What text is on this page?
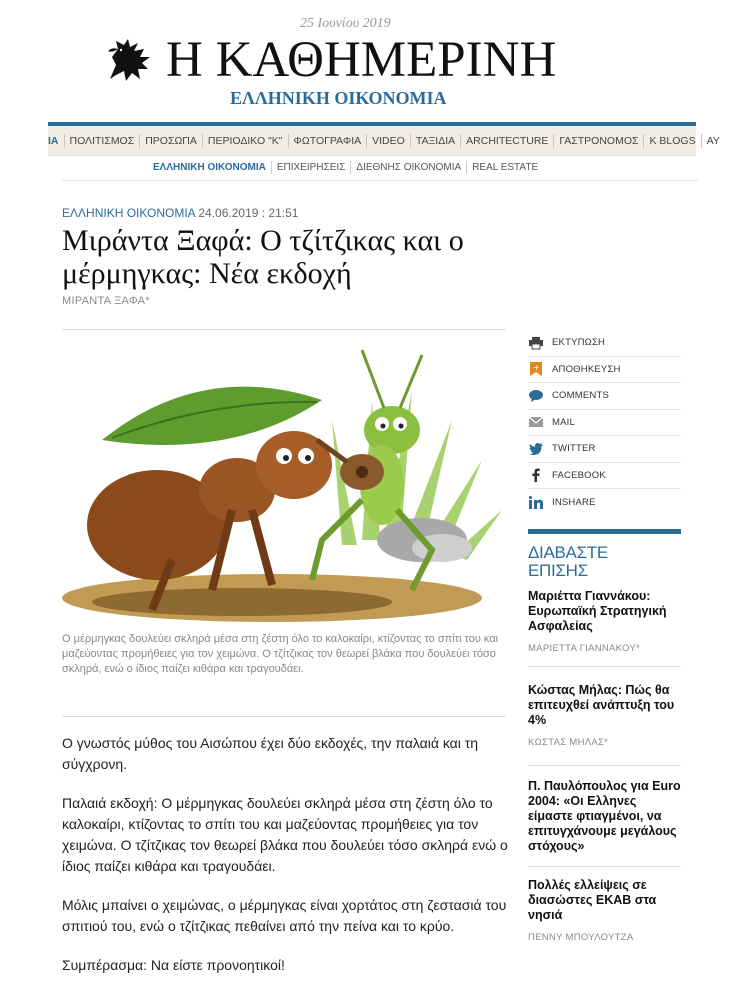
25 Ιουνίου 2019
Η ΚΑΘΗΜΕΡΙΝΗ
ΕΛΛΗΝΙΚΗ ΟΙΚΟΝΟΜΙΑ
ΙΑ	ΠΟΛΙΤΙΣΜΟΣ	ΠΡΟΣΩΠΑ	ΠΕΡΙΟΔΙΚΟ "K"	ΦΩΤΟΓΡΑΦΙΑ	VIDEO	ΤΑΞΙΔΙΑ	ARCHITECTURE	ΓΑΣΤΡΟΝΟΜΟΣ	K BLOGS	ΑΥ
ΕΛΛΗΝΙΚΗ ΟΙΚΟΝΟΜΙΑ	ΕΠΙΧΕΙΡΗΣΕΙΣ	ΔΙΕΘΝΗΣ ΟΙΚΟΝΟΜΙΑ	REAL ESTATE
ΕΛΛΗΝΙΚΗ ΟΙΚΟΝΟΜΙΑ 24.06.2019 : 21:51
Μιράντα Ξαφά: Ο τζίτζικας και ο μέρμηγκας: Νέα εκδοχή
ΜΙΡΑΝΤΑ ΞΑΦΑ*
Ο μέρμηγκας δουλεύει σκληρά μέσα στη ζέστη όλο το καλοκαίρι, κτίζοντας το σπίτι του και μαζεύοντας προμήθειες για τον χειμώνα. Ο τζίτζικας τον θεωρεί βλάκα που δουλεύει τόσο σκληρά, ενώ ο ίδιος παίζει κιθάρα και τραγουδάει.

Ο γνωστός μύθος του Αισώπου έχει δύο εκδοχές, την παλαιά και τη σύγχρονη.

Παλαιά εκδοχή: Ο μέρμηγκας δουλεύει σκληρά μέσα στη ζέστη όλο το καλοκαίρι, κτίζοντας το σπίτι του και μαζεύοντας προμήθειες για τον χειμώνα. Ο τζίτζικας τον θεωρεί βλάκα που δουλεύει τόσο σκληρά ενώ ο ίδιος παίζει κιθάρα και τραγουδάει.

Μόλις μπαίνει ο χειμώνας, ο μέρμηγκας είναι χορτάτος στη ζεστασιά του σπιτιού του, ενώ ο τζίτζικας πεθαίνει από την πείνα και το κρύο.

Συμπέρασμα: Να είστε προνοητικοί!

ΕΚΤΥΠΩΣΗ
+ ΑΠΟΘΗΚΕΥΣΗ
COMMENTS
MAIL
TWITTER
FACEBOOK
INSHARE
ΔΙΑΒΑΣΤΕ
ΕΠΙΣΗΣ
Μαριέττα Γιαννάκου: Ευρωπαϊκή Στρατηγική Ασφαλείας
ΜΑΡΙΕΤΤΑ ΓΙΑΝΝΑΚΟΥ*
Κώστας Μήλας: Πώς θα επιτευχθεί ανάπτυξη του 4%
ΚΩΣΤΑΣ ΜΗΛΑΣ*
Π. Παυλόπουλος για Euro 2004: «Οι Ελληνες είμαστε φτιαγμένοι, να επιτυγχάνουμε μεγάλους στόχους»
Πολλές ελλείψεις σε διασώστες ΕΚΑΒ στα νησιά
ΠΕΝΝΥ ΜΠΟΥΛΟΥΤΖΑ
